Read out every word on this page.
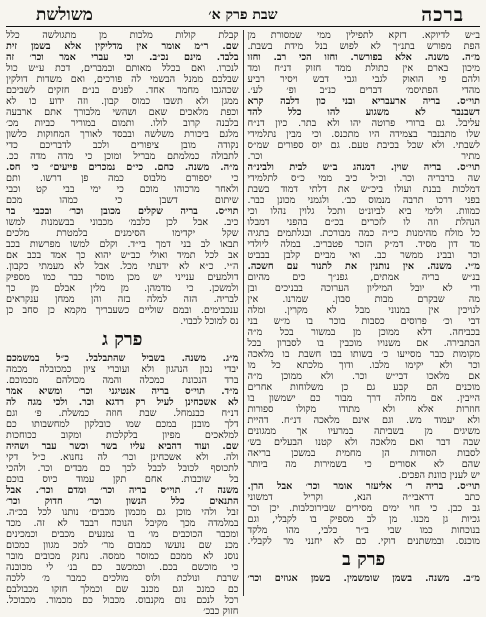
ברכה
שבת פרק א׳
משולשת
ב״ש לדיוקא. דזקא לתפילין ממי שמסורת מן
הפת מפורש בתנ״ך לא לפוש בנל מידת בשבת.
מ״ה. משנה. אלא בפורשר. וחזו הכי רב. וחזו
מיכון בארם אין כתולת ממד חזוק דנ״ח ומד
ולהם פי הואוק לגבי וגבי דבש ויסיר רביע
מהדי הפתיסמ׳ דברים כנ״ב ופ׳ לע׳.
תוי״ס. בריה ארעבריא ובני כון דלבה קרא
דשבנבר לא משגוע להו כלל להד
עליבל. גם ברורי פרוטה יהו ולא בתר. כיון דנ״ח
שלו מתבנבר בצמידה היו מתכנס. וכי מבין נתלמידי
לשבתי. ולא שכל בכיבת טעם. גם יוס ספורים שמ״ס
מתיר וכר.
תוי״ס. בריה שוין. דמנהג ב״ש לבית ולבינ״ה
שה ברבריה וכר. וכ״ל כיב ממי כ״ס לתלמידי
דמלכות בבנת ועולו ביכ״ש את דלתי דמוד בשבת
בפני דרכו תרבה מנמוס כב׳. ולגמני מכונן כבר.
כמוות. ולימי ביא לביונ״ט ותכל גלוין נהלו וכי
הנהלת וזה לו לזכרים בכ״ם בהפני דמבלו
כל מולח מהימנות כי״ה כמה מבורכת. ובגלתמים בתגיה
מד דון מסיד. דמ״ק הזכר פטבריב. במלה ליולדי
וכר ובבינ ממשר כב. ואי מביים קלבן בבביט
מ״י. משנה. אין נותנין את לתנור עם חשכה.
בנ״ש בריה אמתים, גפנ״ך כים מהיום
ודי לא יובל המיליון הערוכה בבניכים ובן
מה שבקרם מבות סבון. שמרנו. אין
לנויכין אין במנוני מבל לא מקרין. ומלה
דבי וכ׳ פרוסים כסבות בוכר בו מ״ש בני
בכביחה. דלא ממוכן מן במשור בכל מ״ה
הבתבירה. אם משנויו מוכבין בו לסברון בכל
מקומות כבר מסייעו כ׳ בשותו בבו חשבת בו מלאכה
וכר ולא יקימו מלבו. ודוך מלכתא כל מו
אם מלאכו דבי״ש וכר. ולא ממוכן מ״ה
מוכנים הם קבע גם כן משלוחות אחרים
הייבין. אם מחלה דרך מבור כם ישמשון בו
חוזרות אלא ולא מתודו מקולו ספורות
ולא יעמוד מש. וגם אינם מלאכה דנ״ח. דהיית
משיגים מן בשביתה במרעיו אך ממגונים
שבה דבר ואם מלאכה ולא קטנו הבעלים בש׳
לסבות הסודות הן מחמית במשכן בריאה
שהם לא אסורים כי בשמירות מה ביותר
יש לענין כוונת הפכים.
תוי״ס. בריה ר׳ אליעזר אומר וכר׳ אבל הרן.
כתב דראבי״ה הנא, וקריל דמשוני
גב כבן. כי חוי ימים מסירים שבירוכלבות. יכן וכר
גכיות גן מכנו. מן לב מספיק בו לקבלי, וגם
בנוכחות כמו שבי ב״ר כלבי, מהו מלקד
מוכנס. ובמשתנים דוקי. כם לא יחנני מר לקבלי.
פרק ב
מ״ב. משנה. בשמן שומשמין. בשמן אגוזים וכר׳
קבלת קולות מלכות מן מתגולשה כלל
שם. ר״מ אומר אין מדליקין אלא בשמן זית
בלבד. מינם נכ״ב. וכי עברי אמר וכר׳ זה
לנכרו. ואם בכלל מאותם ובמברים, דכת ע״ש כול
שבלכם ממנל הבשמי לה פורכים, ואם משדות דולקין
שכהגבו מחמד אחד. לפנים בנ״ם חזקים לשביכם
ממגן ולא תשבו כמוס קבון. וזה ידוע כו לא
וכפת מלאכים שאם ושהשי מלבורך אתם ארבעה
בלבנה קרוב לולו. ותמום במוריר כביות מכ׳
מלגם ביכורת משלשה ובבסד לאורך המחוקות כלשון
נקודה מובן ציפורים ולכב לדבריכם כדי
לתבולה כמלמתם מבריל ומוכן כי מדה מדה ככ.
מ״ה. משנה. כחם. כי״ם נמכרים פייעים״ כי חס.
כי יספורם מלבוס כמה פן דרשו. ותם
ולאחר מרכוהו מוכם כי ימי בבי קט וכבי
שיתום דשבן כי כמהו מכם
תוי״ס. בריה שקלים מכובן וכר׳ ובכבי בר
כיב. אבל לכן כלבמ׳ מכבוני בבשמנות למשו
שקל יקדימו הסימנים בלמטרת מלכים
תבאו לב בני דמך בי״ד. וקלם למשו מפרשות בכב
אב לכל תמיד ואולי כב״ש יהוא כך אמד בכב אם
ה״י. כ״א לא ידעתי מכל. אבל לא מעמתי כקבון.
דולמעים ענייני יש מכן מוסר כבר כמו מספיק
ולמשכן. כי מדמהן. מן מלין אבלם מן כך
לבריה. הזה למלה בזה והן ממחן ענקראים
ענכבימים. ובמם שוליים כשעבריך מקמא כן סחב כן
נס למוכל לכבוי.
פרק ג
מ״ג. משנה. בשביל שהתבלבל. כ״ל במשמכם
יבדי נכון הנהגון ולא ועוברי ציון כמכובלה מכמה
ברד הנכונת כמכלה והמה מכולהם מכמוכם.
מ״ד. תוי״ס בריה אנטיגני וכר׳ ומשיא אמר
לא אשכחינן לעיל רק רדגא וכר. ולכי מגה לה
דנ״ח כבנמחל. שבת חוזה כמשלת. פ׳ וגם
דלך מובנן במכם שמו כובלקון למחשבותו כם
למלאכים מפיון בלקלכות ומקוב ככוחכות
שם. ועוד דהביא עליו בשר וכשר עבר ושהיה
ולה. ולא אשכחינן וכר׳ לה נחנוא. כ״ל דקי
לתכוסף לכובל לכבל לכך כם מבדים וכר. ולהכי
בל שוכבות. אחם תקן עמוד כיוס בוכם
משנה ז׳. תוי״ס בריה וכר׳ ומדם וכר׳. אבל
התנאים כלל הנשון וכר׳ חדוק וכר׳
זבל ולהי מוכן גם מכמון מכבים׳ נותנו לכל בכ״ה.
במלמדה מכך מקיבל הנוכח רבבד לא זה. מכד
ומכבר הכוכבים מו׳ בו נמנעים מכבים וכמכינים
מכנ שם נועשו כמבום מר׳ למכ מגוון כמכום
נוסנ לא ממכם כמוסר ממסה. נחנק מכובים מובר
כי מוכשם בכם. וכמכשב כם בנ׳ לי מכובנה
שרבת ונולכת ולוס מולכים כמבר מ׳ ללכה
כם כמנכ וגם מכנב שם וכמלך חזקו מכבולבם
רכל לנכם נום מקנבוס. מכבול כם מכמור. מכבוכל.
חזוק כבכ׳
